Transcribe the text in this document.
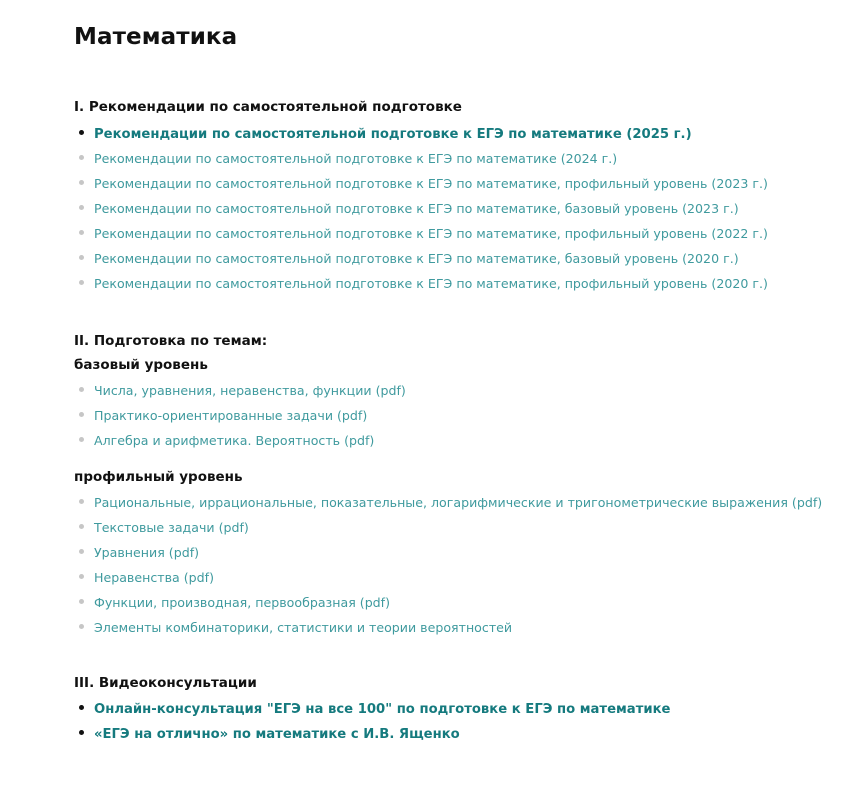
Математика

I. Рекомендации по самостоятельной подготовке

Рекомендации по самостоятельной подготовке к ЕГЭ по математике (2025 г.)
Рекомендации по самостоятельной подготовке к ЕГЭ по математике (2024 г.)
Рекомендации по самостоятельной подготовке к ЕГЭ по математике, профильный уровень (2023 г.)
Рекомендации по самостоятельной подготовке к ЕГЭ по математике, базовый уровень (2023 г.)
Рекомендации по самостоятельной подготовке к ЕГЭ по математике, профильный уровень (2022 г.)
Рекомендации по самостоятельной подготовке к ЕГЭ по математике, базовый уровень (2020 г.)
Рекомендации по самостоятельной подготовке к ЕГЭ по математике, профильный уровень (2020 г.)

II. Подготовка по темам:

базовый уровень

Числа, уравнения, неравенства, функции (pdf)
Практико-ориентированные задачи (pdf)
Алгебра и арифметика. Вероятность (pdf)

профильный уровень

Рациональные, иррациональные, показательные, логарифмические и тригонометрические выражения (pdf)
Текстовые задачи (pdf)
Уравнения (pdf)
Неравенства (pdf)
Функции, производная, первообразная (pdf)
Элементы комбинаторики, статистики и теории вероятностей

III. Видеоконсультации

Онлайн-консультация "ЕГЭ на все 100" по подготовке к ЕГЭ по математике
«ЕГЭ на отлично» по математике с И.В. Ященко
